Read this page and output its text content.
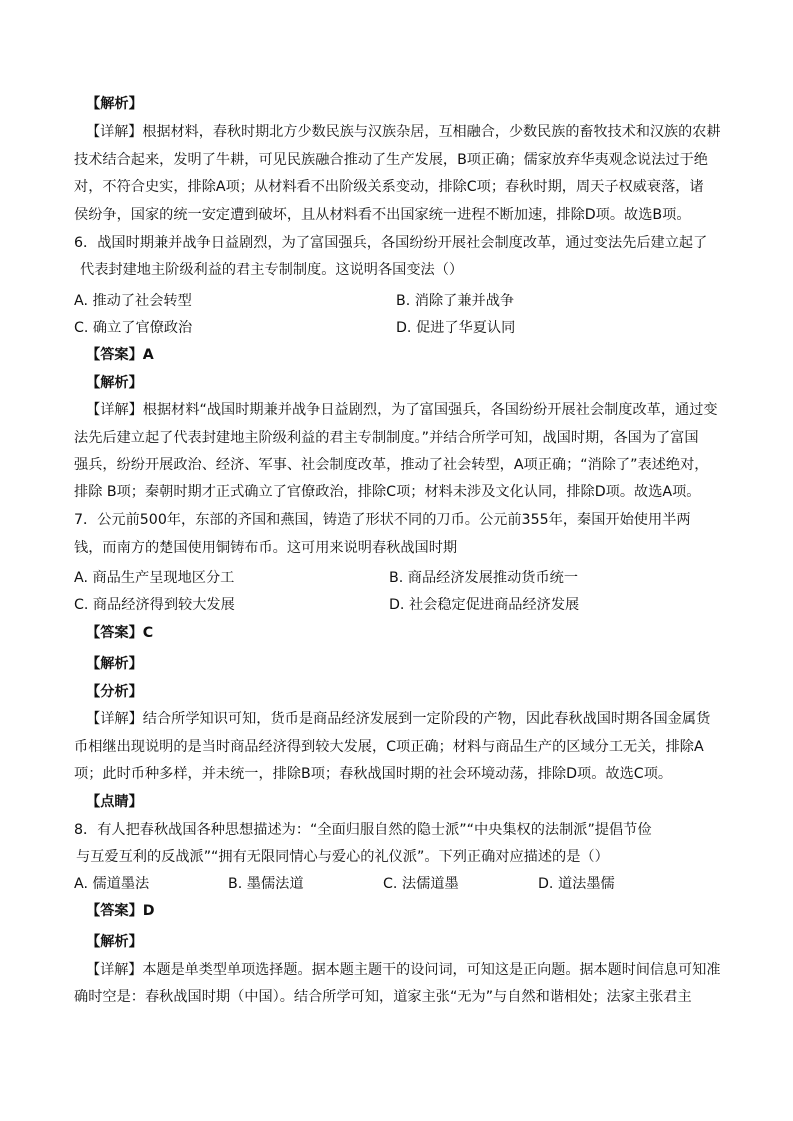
【解析】
【详解】根据材料，春秋时期北方少数民族与汉族杂居，互相融合，少数民族的畜牧技术和汉族的农耕
技术结合起来，发明了牛耕，可见民族融合推动了生产发展，B项正确；儒家放弃华夷观念说法过于绝
对，不符合史实，排除A项；从材料看不出阶级关系变动，排除C项；春秋时期，周天子权威衰落，诸
侯纷争，国家的统一安定遭到破坏，且从材料看不出国家统一进程不断加速，排除D项。故选B项。
6．战国时期兼并战争日益剧烈，为了富国强兵，各国纷纷开展社会制度改革，通过变法先后建立起了
代表封建地主阶级利益的君主专制制度。这说明各国变法（）
A. 推动了社会转型	B. 消除了兼并战争
C. 确立了官僚政治	D. 促进了华夏认同
【答案】A
【解析】
【详解】根据材料“战国时期兼并战争日益剧烈，为了富国强兵，各国纷纷开展社会制度改革，通过变
法先后建立起了代表封建地主阶级利益的君主专制制度。”并结合所学可知，战国时期，各国为了富国
强兵，纷纷开展政治、经济、军事、社会制度改革，推动了社会转型，A项正确；“消除了”表述绝对，
排除 B项；秦朝时期才正式确立了官僚政治，排除C项；材料未涉及文化认同，排除D项。故选A项。
7．公元前500年，东部的齐国和燕国，铸造了形状不同的刀币。公元前355年，秦国开始使用半两
钱，而南方的楚国使用铜铸布币。这可用来说明春秋战国时期
A. 商品生产呈现地区分工	B. 商品经济发展推动货币统一
C. 商品经济得到较大发展	D. 社会稳定促进商品经济发展
【答案】C
【解析】
【分析】
【详解】结合所学知识可知，货币是商品经济发展到一定阶段的产物，因此春秋战国时期各国金属货
币相继出现说明的是当时商品经济得到较大发展，C项正确；材料与商品生产的区域分工无关，排除A
项；此时币种多样，并未统一，排除B项；春秋战国时期的社会环境动荡，排除D项。故选C项。
【点睛】
8．有人把春秋战国各种思想描述为：“全面归服自然的隐士派”“中央集权的法制派”提倡节俭
与互爱互利的反战派”“拥有无限同情心与爱心的礼仪派”。下列正确对应描述的是（）
A. 儒道墨法	B. 墨儒法道	C. 法儒道墨	D. 道法墨儒
【答案】D
【解析】
【详解】本题是单类型单项选择题。据本题主题干的设问词，可知这是正向题。据本题时间信息可知准
确时空是：春秋战国时期（中国）。结合所学可知，道家主张“无为”与自然和谐相处；法家主张君主
